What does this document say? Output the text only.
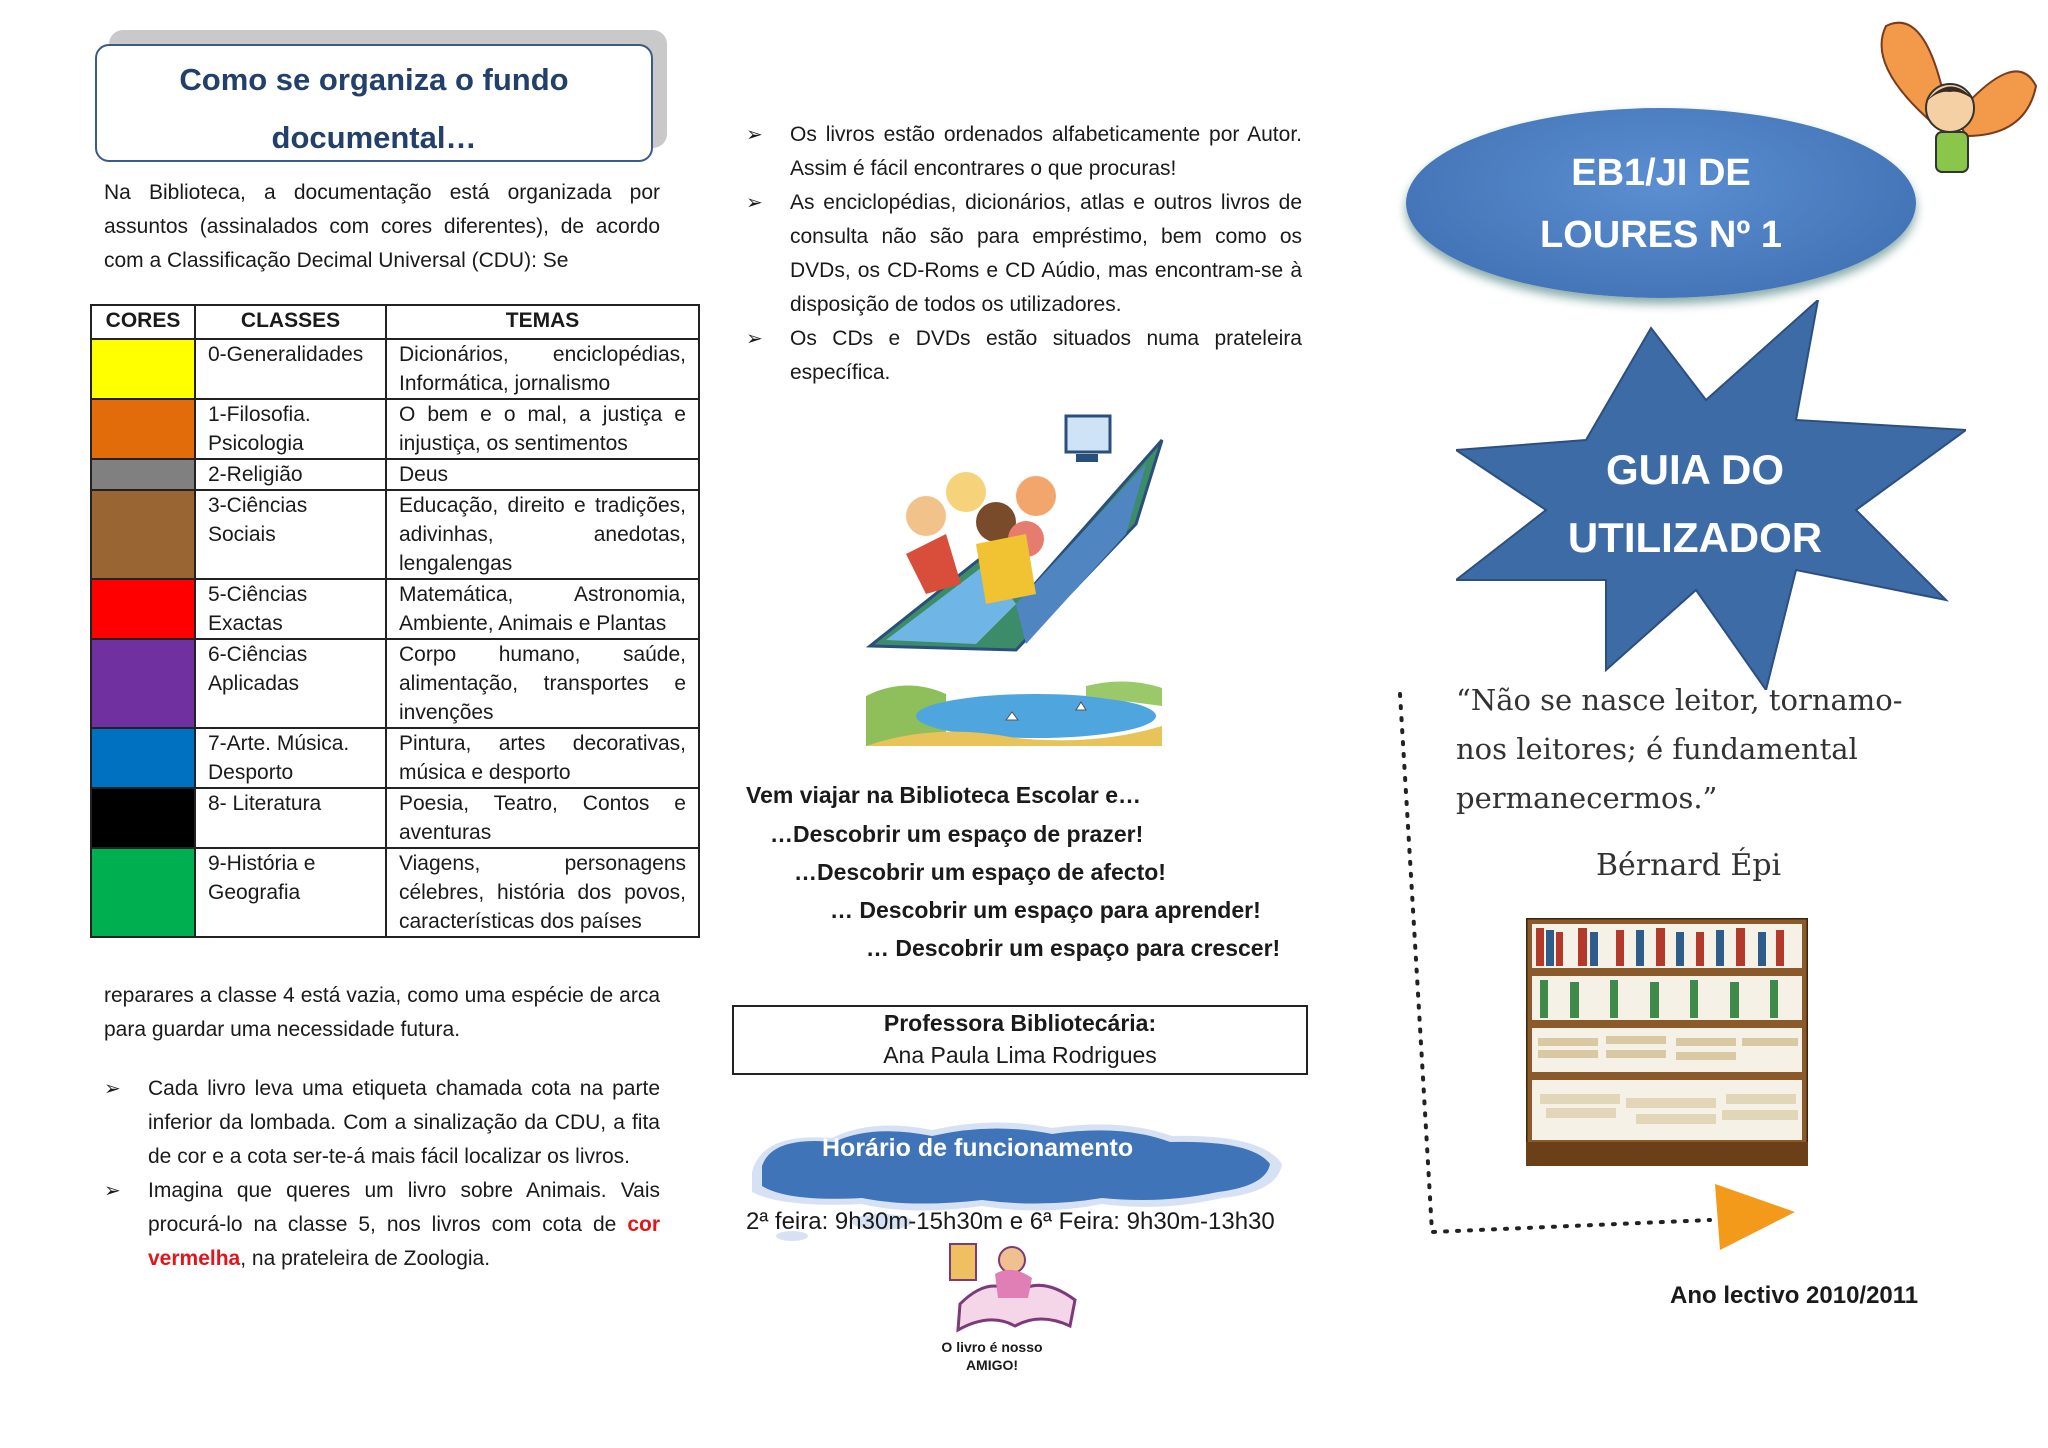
Como se organiza o fundo
documental…
Na Biblioteca, a documentação está organizada por assuntos (assinalados com cores diferentes), de acordo com a Classificação Decimal Universal (CDU): Se
CORES	CLASSES	TEMAS
	0-Generalidades	Dicionários, enciclopédias, Informática, jornalismo
	1-Filosofia. Psicologia	O bem e o mal, a justiça e injustiça, os sentimentos
	2-Religião	Deus
	3-Ciências Sociais	Educação, direito e tradições, adivinhas, anedotas, lengalengas
	5-Ciências Exactas	Matemática, Astronomia, Ambiente, Animais e Plantas
	6-Ciências Aplicadas	Corpo humano, saúde, alimentação, transportes e invenções
	7-Arte. Música. Desporto	Pintura, artes decorativas, música e desporto
	8- Literatura	Poesia, Teatro, Contos e aventuras
	9-História e Geografia	Viagens, personagens célebres, história dos povos, características dos países
reparares a classe 4 está vazia, como uma espécie de arca para guardar uma necessidade futura.
➢ Cada livro leva uma etiqueta chamada cota na parte inferior da lombada. Com a sinalização da CDU, a fita de cor e a cota ser-te-á mais fácil localizar os livros.
➢ Imagina que queres um livro sobre Animais. Vais procurá-lo na classe 5, nos livros com cota de cor vermelha, na prateleira de Zoologia.
➢ Os livros estão ordenados alfabeticamente por Autor. Assim é fácil encontrares o que procuras!
➢ As enciclopédias, dicionários, atlas e outros livros de consulta não são para empréstimo, bem como os DVDs, os CD-Roms e CD Aúdio, mas encontram-se à disposição de todos os utilizadores.
➢ Os CDs e DVDs estão situados numa prateleira específica.
Vem viajar na Biblioteca Escolar e…
…Descobrir um espaço de prazer!
…Descobrir um espaço de afecto!
… Descobrir um espaço para aprender!
… Descobrir um espaço para crescer!
Professora Bibliotecária:
Ana Paula Lima Rodrigues
Horário de funcionamento
2ª feira: 9h30m-15h30m e 6ª Feira: 9h30m-13h30
O livro é nosso
AMIGO!
EB1/JI DE
LOURES Nº 1
GUIA DO
UTILIZADOR
“Não se nasce leitor, tornamo-nos leitores; é fundamental permanecermos.”
Bérnard Épi
Ano lectivo 2010/2011
